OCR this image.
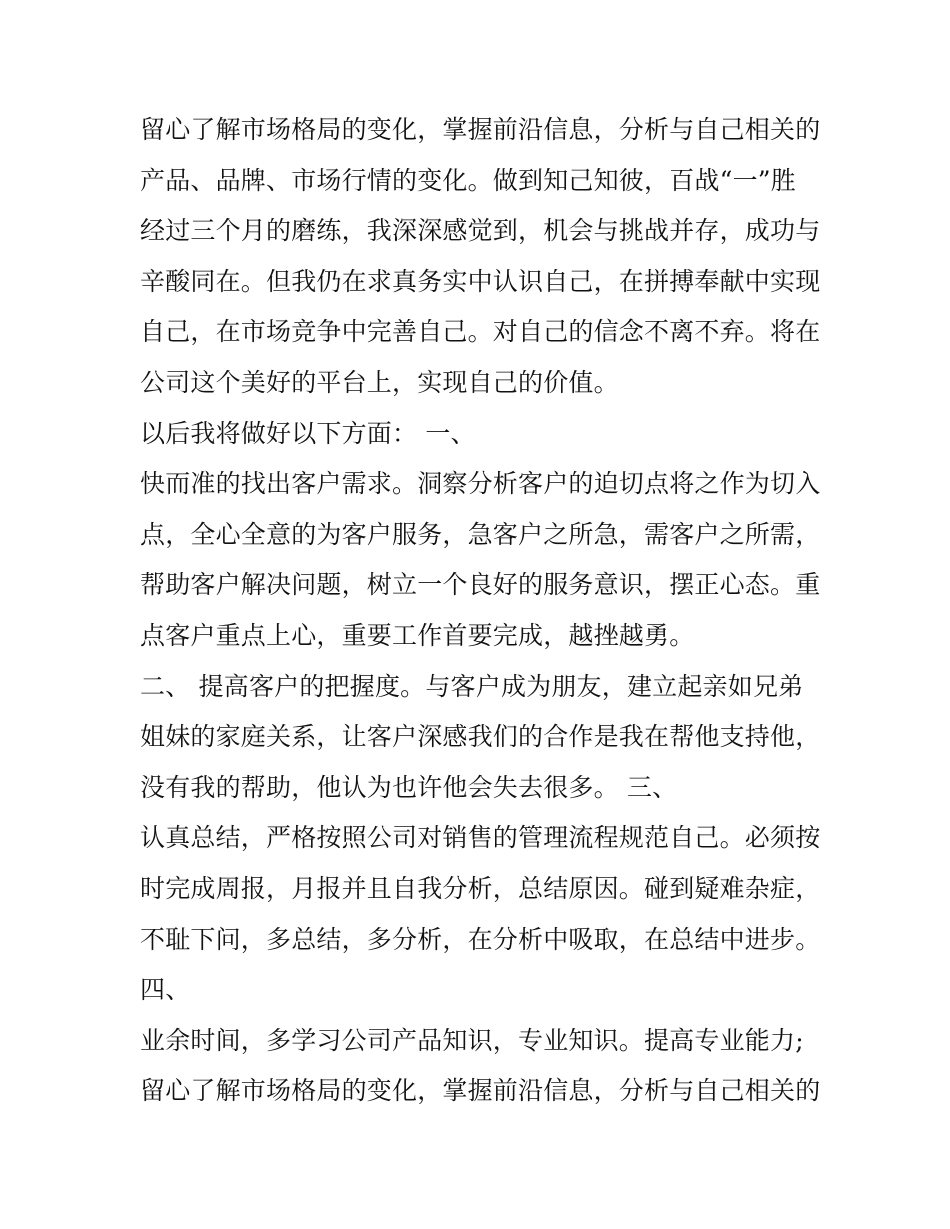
留心了解市场格局的变化，掌握前沿信息，分析与自己相关的
产品、品牌、市场行情的变化。做到知己知彼，百战“一”胜
经过三个月的磨练，我深深感觉到，机会与挑战并存，成功与
辛酸同在。但我仍在求真务实中认识自己，在拼搏奉献中实现
自己，在市场竞争中完善自己。对自己的信念不离不弃。将在
公司这个美好的平台上，实现自己的价值。
以后我将做好以下方面： 一、
快而准的找出客户需求。洞察分析客户的迫切点将之作为切入
点，全心全意的为客户服务，急客户之所急，需客户之所需，
帮助客户解决问题，树立一个良好的服务意识，摆正心态。重
点客户重点上心，重要工作首要完成，越挫越勇。
二、 提高客户的把握度。与客户成为朋友，建立起亲如兄弟
姐妹的家庭关系，让客户深感我们的合作是我在帮他支持他，
没有我的帮助，他认为也许他会失去很多。 三、
认真总结，严格按照公司对销售的管理流程规范自己。必须按
时完成周报，月报并且自我分析，总结原因。碰到疑难杂症，
不耻下问，多总结，多分析，在分析中吸取，在总结中进步。
四、
业余时间，多学习公司产品知识，专业知识。提高专业能力;
留心了解市场格局的变化，掌握前沿信息，分析与自己相关的
